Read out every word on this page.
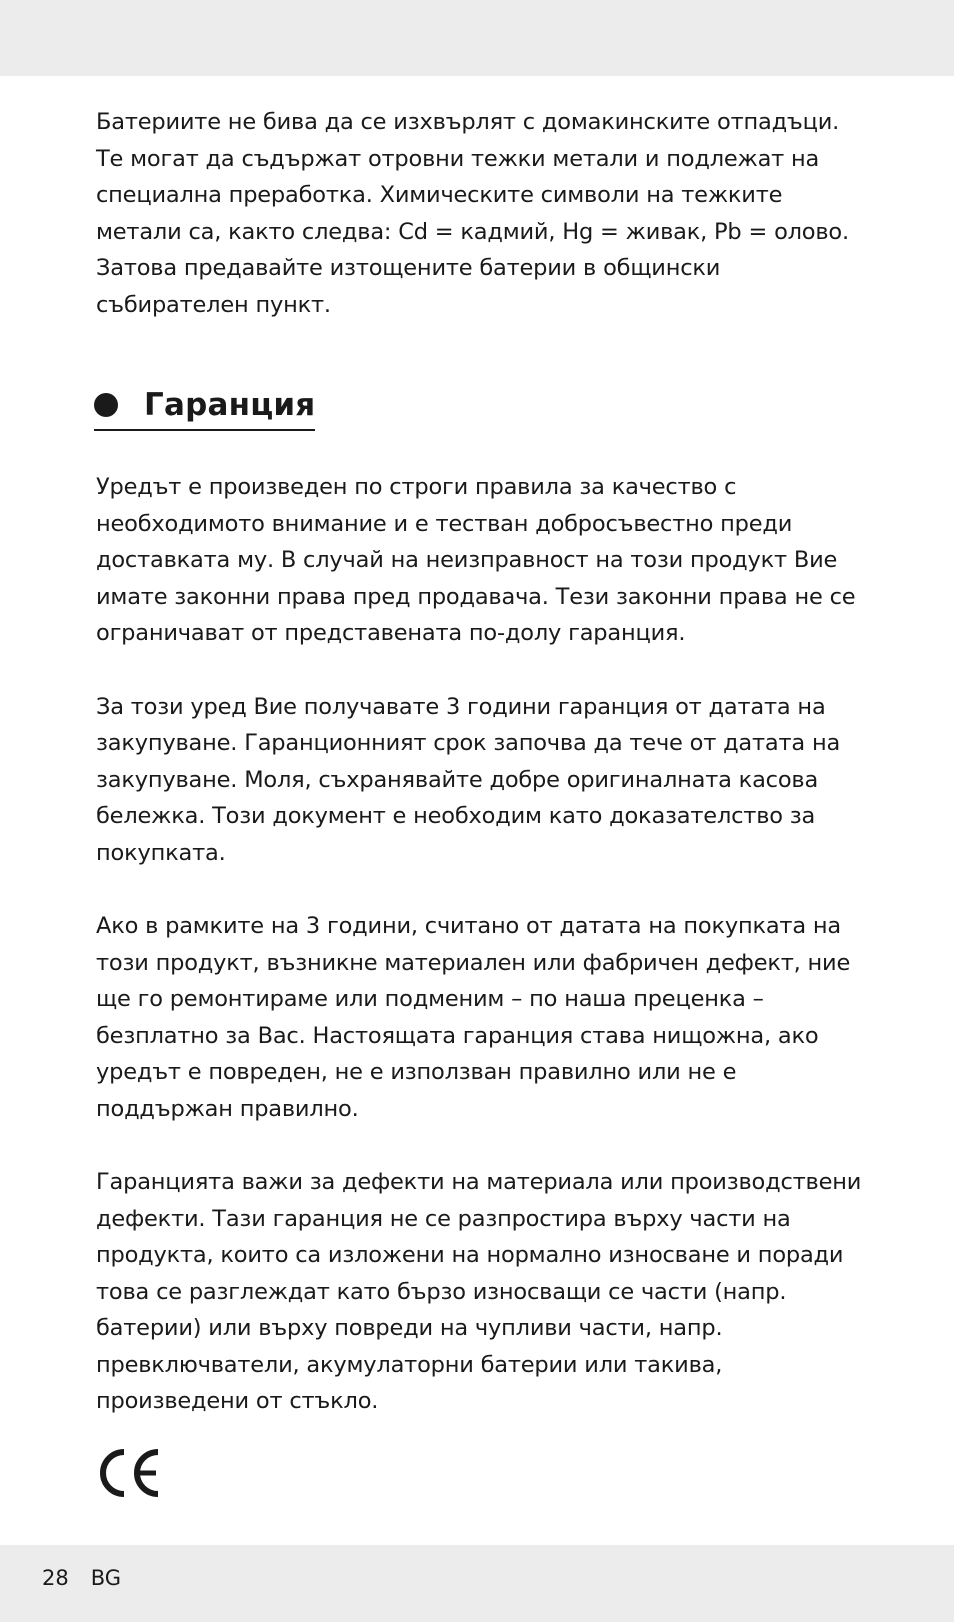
Батериите не бива да се изхвърлят с домакинските отпадъци. Те могат да съдържат отровни тежки метали и подлежат на специална преработка. Химическите символи на тежките метали са, както следва: Cd = кадмий, Hg = живак, Pb = олово. Затова предавайте изтощените батерии в общински събирателен пункт.

Гаранция

Уредът е произведен по строги правила за качество с необходимото внимание и е тестван добросъвестно преди доставката му. В случай на неизправност на този продукт Вие имате законни права пред продавача. Тези законни права не се ограничават от представената по-долу гаранция.

За този уред Вие получавате 3 години гаранция от датата на закупуване. Гаранционният срок започва да тече от датата на закупуване. Моля, съхранявайте добре оригиналната касова бележка. Този документ е необходим като доказателство за покупката.

Ако в рамките на 3 години, считано от датата на покупката на този продукт, възникне материален или фабричен дефект, ние ще го ремонтираме или подменим – по наша преценка – безплатно за Вас. Настоящата гаранция става нищожна, ако уредът е повреден, не е използван правилно или не е поддържан правилно.

Гаранцията важи за дефекти на материала или производствени дефекти. Тази гаранция не се разпростира върху части на продукта, които са изложени на нормално износване и поради това се разглеждат като бързо износващи се части (напр. батерии) или върху повреди на чупливи части, напр. превключватели, акумулаторни батерии или такива, произведени от стъкло.

28 BG
